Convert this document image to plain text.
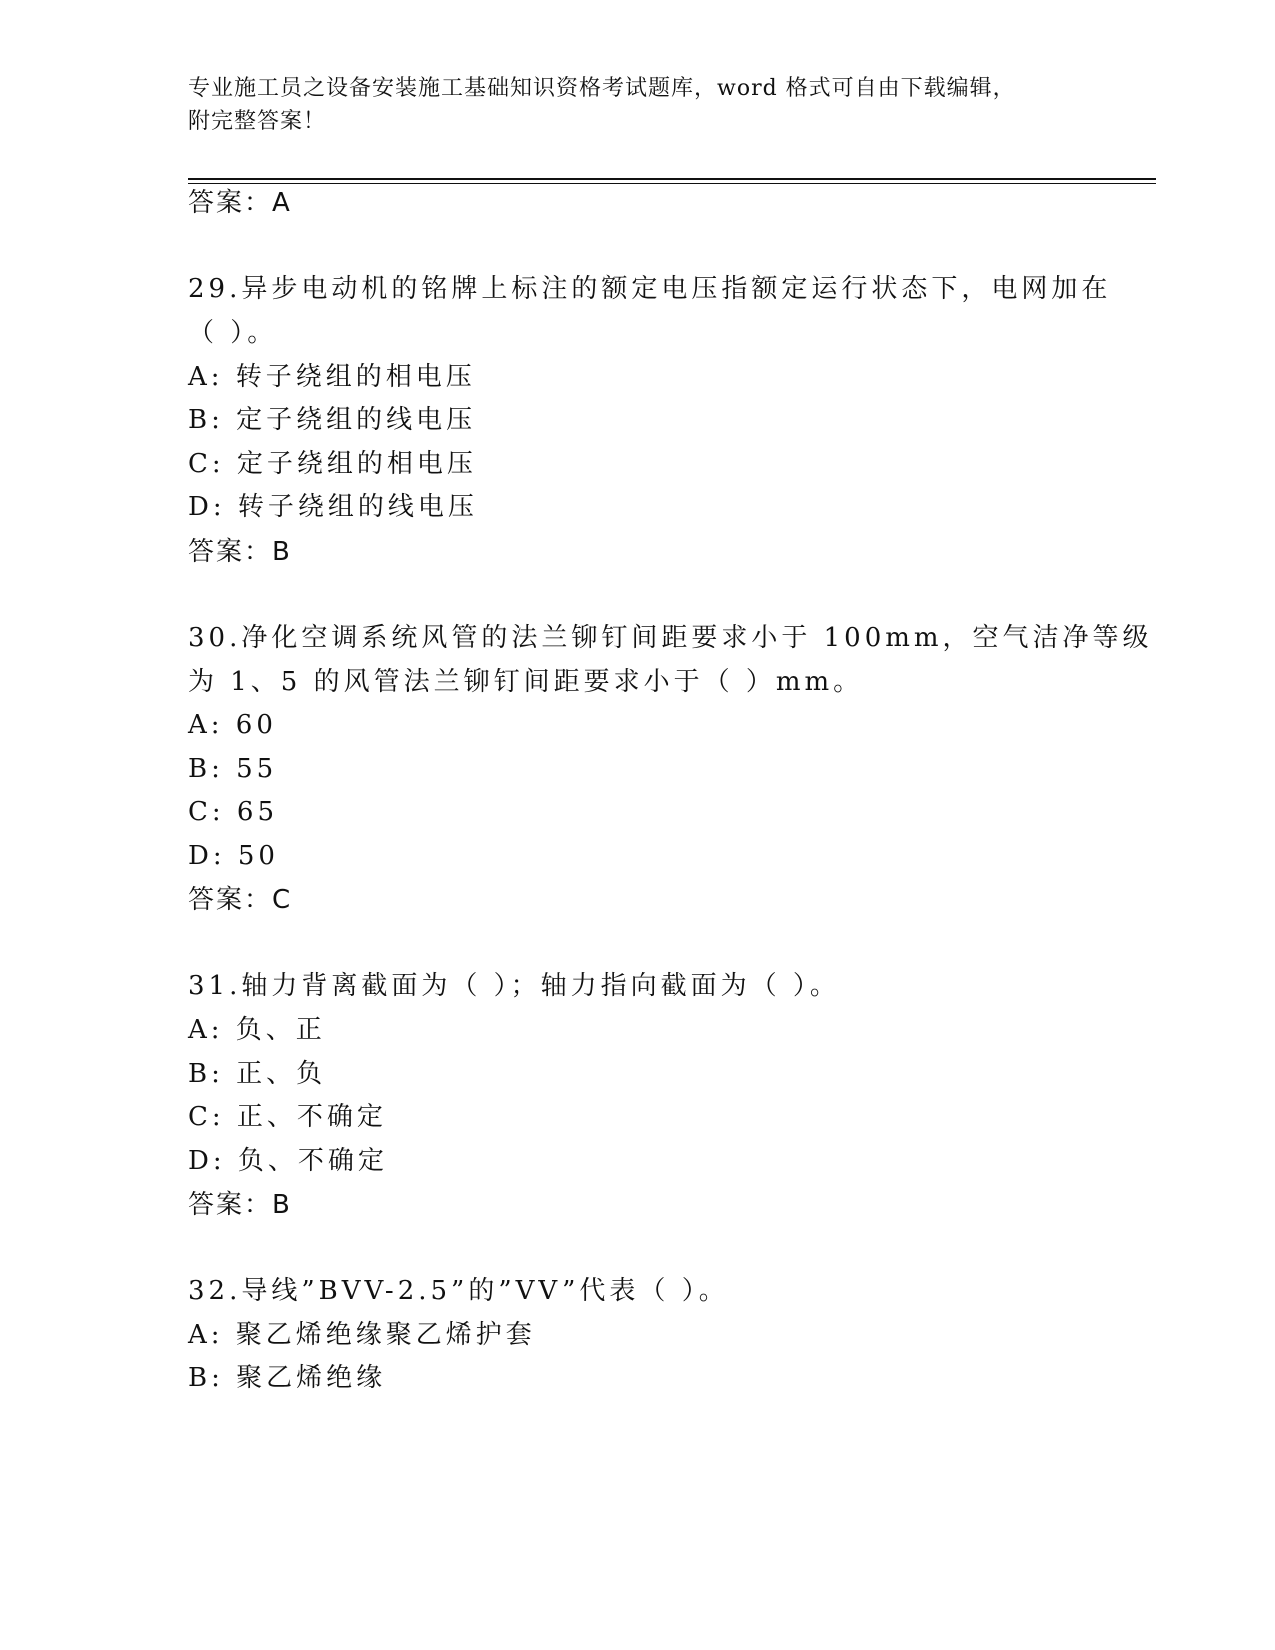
专业施工员之设备安装施工基础知识资格考试题库，word 格式可自由下载编辑，
附完整答案！
答案：A
29.异步电动机的铭牌上标注的额定电压指额定运行状态下，电网加在
（ ）。
A: 转子绕组的相电压
B: 定子绕组的线电压
C: 定子绕组的相电压
D: 转子绕组的线电压
答案：B
30.净化空调系统风管的法兰铆钉间距要求小于 100mm，空气洁净等级
为 1、5 的风管法兰铆钉间距要求小于（ ）mm。
A: 60
B: 55
C: 65
D: 50
答案：C
31.轴力背离截面为（ ）；轴力指向截面为（ ）。
A: 负、正
B: 正、负
C: 正、不确定
D: 负、不确定
答案：B
32.导线”BVV-2.5”的”VV”代表（ ）。
A: 聚乙烯绝缘聚乙烯护套
B: 聚乙烯绝缘
